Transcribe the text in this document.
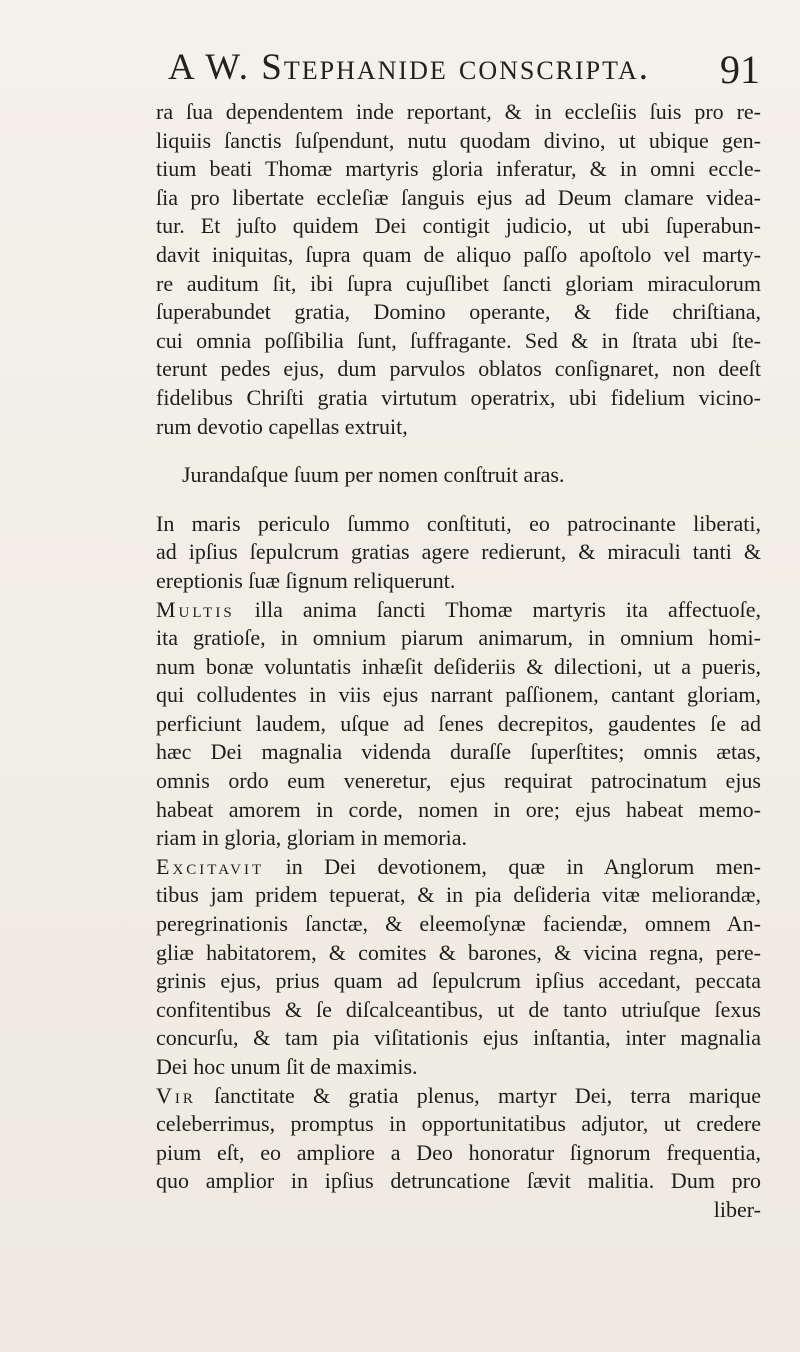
A W. Stephanide conscripta. 91
ra ſua dependentem inde reportant, & in eccleſiis ſuis pro re-
liquiis ſanctis ſuſpendunt, nutu quodam divino, ut ubique gen-
tium beati Thomæ martyris gloria inferatur, & in omni eccle-
ſia pro libertate eccleſiæ ſanguis ejus ad Deum clamare videa-
tur. Et juſto quidem Dei contigit judicio, ut ubi ſuperabun-
davit iniquitas, ſupra quam de aliquo paſſo apoſtolo vel marty-
re auditum ſit, ibi ſupra cujuſlibet ſancti gloriam miraculorum
ſuperabundet gratia, Domino operante, & fide chriſtiana,
cui omnia poſſibilia ſunt, ſuffragante. Sed & in ſtrata ubi ſte-
terunt pedes ejus, dum parvulos oblatos conſignaret, non deeſt
fidelibus Chriſti gratia virtutum operatrix, ubi fidelium vicino-
rum devotio capellas extruit,
Jurandaſque ſuum per nomen conſtruit aras.
In maris periculo ſummo conſtituti, eo patrocinante liberati,
ad ipſius ſepulcrum gratias agere redierunt, & miraculi tanti &
ereptionis ſuæ ſignum reliquerunt.
Multis illa anima ſancti Thomæ martyris ita affectuoſe,
ita gratioſe, in omnium piarum animarum, in omnium homi-
num bonæ voluntatis inhæſit deſideriis & dilectioni, ut a pueris,
qui colludentes in viis ejus narrant paſſionem, cantant gloriam,
perficiunt laudem, uſque ad ſenes decrepitos, gaudentes ſe ad
hæc Dei magnalia videnda duraſſe ſuperſtites; omnis ætas,
omnis ordo eum veneretur, ejus requirat patrocinatum ejus
habeat amorem in corde, nomen in ore; ejus habeat memo-
riam in gloria, gloriam in memoria.
Excitavit in Dei devotionem, quæ in Anglorum men-
tibus jam pridem tepuerat, & in pia deſideria vitæ meliorandæ,
peregrinationis ſanctæ, & eleemoſynæ faciendæ, omnem An-
gliæ habitatorem, & comites & barones, & vicina regna, pere-
grinis ejus, prius quam ad ſepulcrum ipſius accedant, peccata
confitentibus & ſe diſcalceantibus, ut de tanto utriuſque ſexus
concurſu, & tam pia viſitationis ejus inſtantia, inter magnalia
Dei hoc unum ſit de maximis.
Vir ſanctitate & gratia plenus, martyr Dei, terra marique
celeberrimus, promptus in opportunitatibus adjutor, ut credere
pium eſt, eo ampliore a Deo honoratur ſignorum frequentia,
quo amplior in ipſius detruncatione ſævit malitia. Dum pro
liber-
